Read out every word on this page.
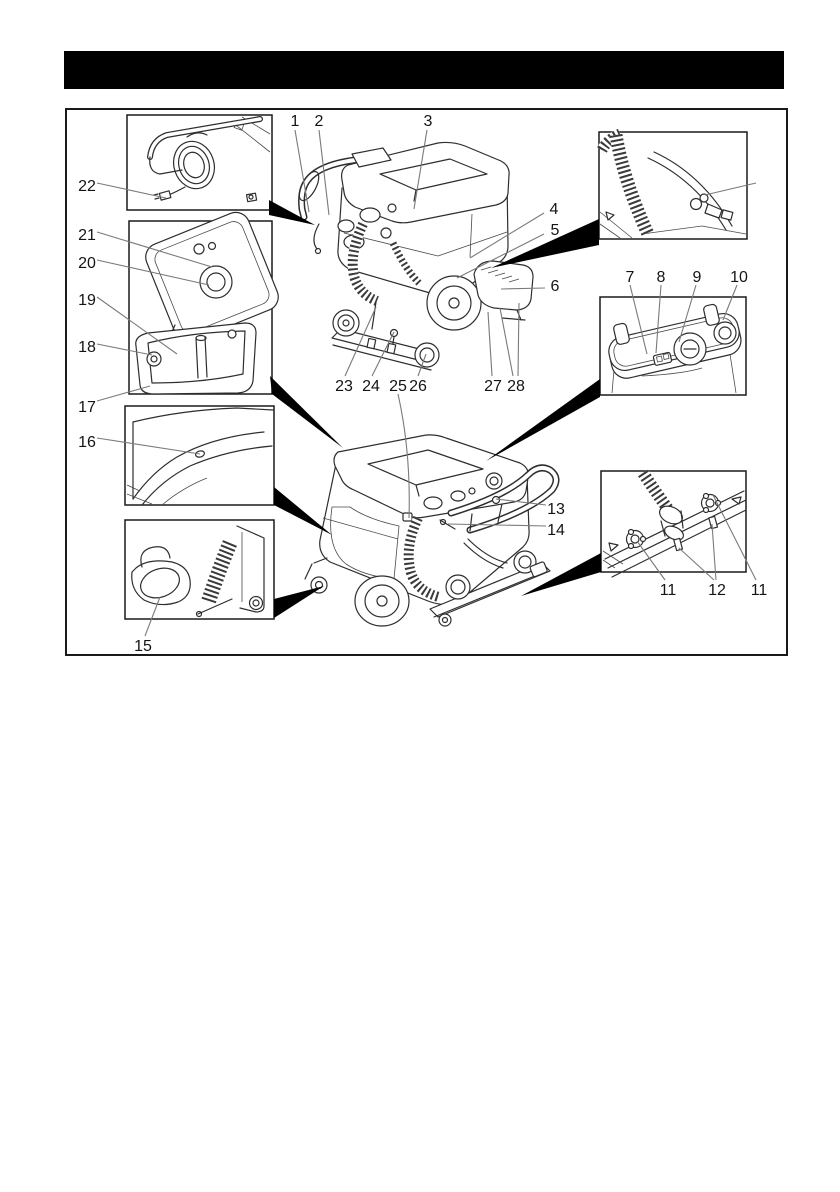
1 2	3
4
5
6
7 8 9 10
11 12 11
13
14
15
16
17
18
19
20
21
22
23 24 25 26	27 28
